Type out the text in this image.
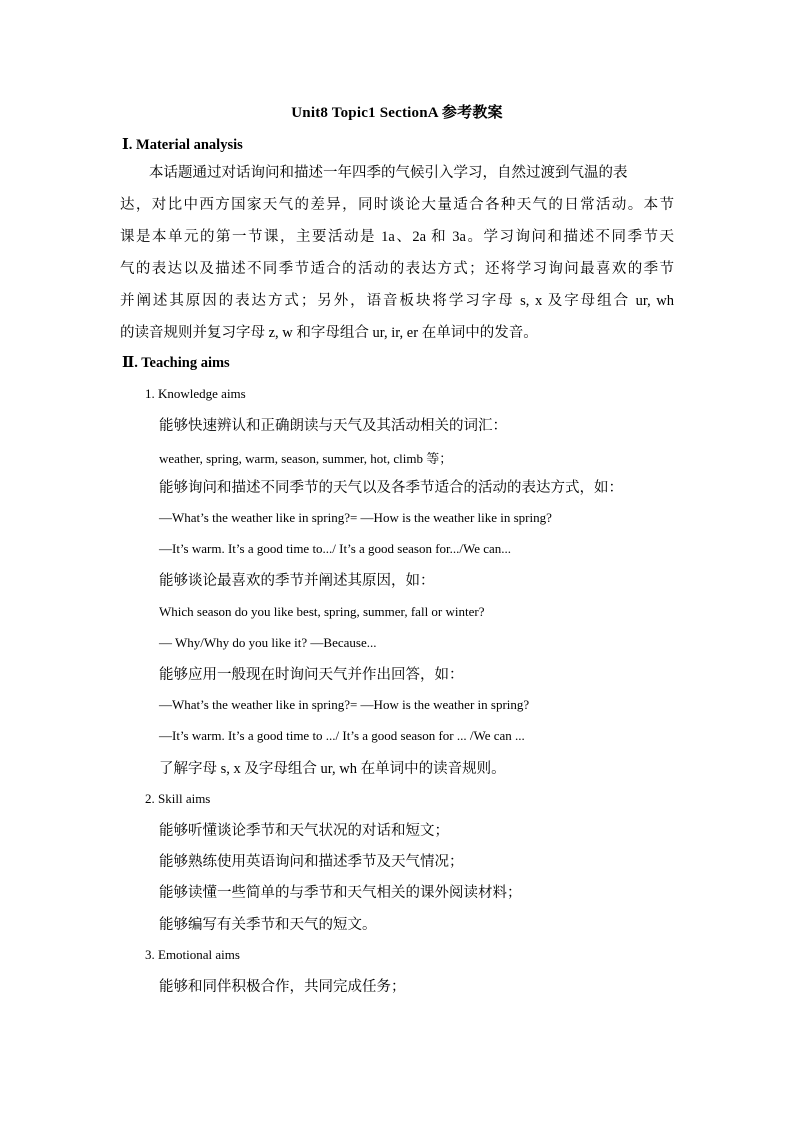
Unit8 Topic1 SectionA 参考教案
Ⅰ. Material analysis
本话题通过对话询问和描述一年四季的气候引入学习，自然过渡到气温的表
达，对比中西方国家天气的差异，同时谈论大量适合各种天气的日常活动。本节
课是本单元的第一节课，主要活动是 1a、2a 和 3a。学习询问和描述不同季节天
气的表达以及描述不同季节适合的活动的表达方式；还将学习询问最喜欢的季节
并阐述其原因的表达方式；另外，语音板块将学习字母 s, x 及字母组合 ur, wh
的读音规则并复习字母 z, w 和字母组合 ur, ir, er 在单词中的发音。
Ⅱ. Teaching aims
1. Knowledge aims
能够快速辨认和正确朗读与天气及其活动相关的词汇：
weather, spring, warm, season, summer, hot, climb 等；
能够询问和描述不同季节的天气以及各季节适合的活动的表达方式，如：
—What’s the weather like in spring?= —How is the weather like in spring?
—It’s warm. It’s a good time to.../ It’s a good season for.../We can...
能够谈论最喜欢的季节并阐述其原因，如：
Which season do you like best, spring, summer, fall or winter?
— Why/Why do you like it? —Because...
能够应用一般现在时询问天气并作出回答，如：
—What’s the weather like in spring?= —How is the weather in spring?
—It’s warm. It’s a good time to .../ It’s a good season for ... /We can ...
了解字母 s, x 及字母组合 ur, wh 在单词中的读音规则。
2. Skill aims
能够听懂谈论季节和天气状况的对话和短文；
能够熟练使用英语询问和描述季节及天气情况；
能够读懂一些简单的与季节和天气相关的课外阅读材料；
能够编写有关季节和天气的短文。
3. Emotional aims
能够和同伴积极合作，共同完成任务；
